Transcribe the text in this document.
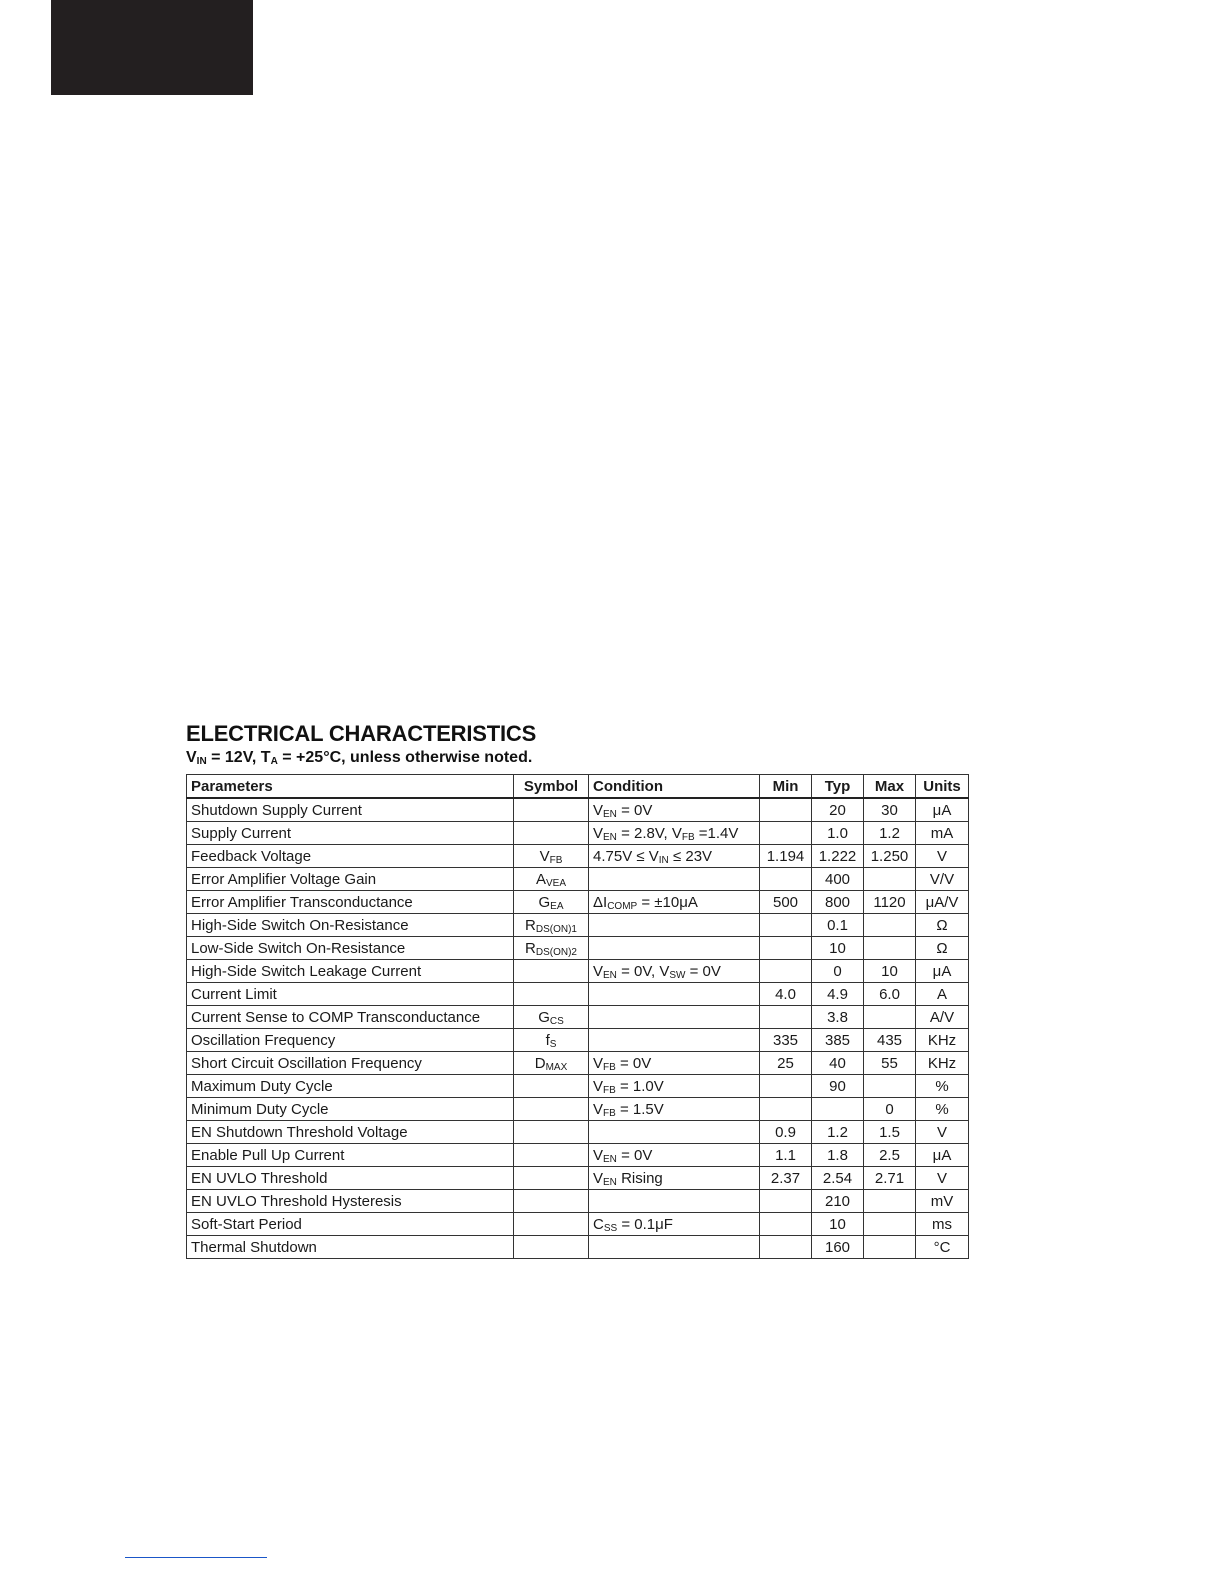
ELECTRICAL CHARACTERISTICS

$V_{IN} = 12V$, $T_A = +25^\circ C$, unless otherwise noted.

Parameters	Symbol	Condition	Min	Typ	Max	Units
Shutdown Supply Current		$V_{EN} = 0V$		20	30	μA
Supply Current		$V_{EN} = 2.8V$, $V_{FB} =1.4V$		1.0	1.2	mA
Feedback Voltage	$V_{FB}$	$4.75V \le V_{IN} \le 23V$	1.194	1.222	1.250	V
Error Amplifier Voltage Gain	$A_{VEA}$			400		V/V
Error Amplifier Transconductance	$G_{EA}$	$\Delta I_{COMP} = \pm 10\mu A$	500	800	1120	μA/V
High-Side Switch On-Resistance	$R_{DS(ON)1}$			0.1		Ω
Low-Side Switch On-Resistance	$R_{DS(ON)2}$			10		Ω
High-Side Switch Leakage Current		$V_{EN} = 0V$, $V_{SW} = 0V$		0	10	μA
Current Limit			4.0	4.9	6.0	A
Current Sense to COMP Transconductance	$G_{CS}$			3.8		A/V
Oscillation Frequency	$f_S$		335	385	435	KHz
Short Circuit Oscillation Frequency	$D_{MAX}$	$V_{FB} = 0V$	25	40	55	KHz
Maximum Duty Cycle		$V_{FB} = 1.0V$		90		%
Minimum Duty Cycle		$V_{FB} = 1.5V$			0	%
EN Shutdown Threshold Voltage			0.9	1.2	1.5	V
Enable Pull Up Current		$V_{EN} = 0V$	1.1	1.8	2.5	μA
EN UVLO Threshold		$V_{EN}$ Rising	2.37	2.54	2.71	V
EN UVLO Threshold Hysteresis				210		mV
Soft-Start Period		$C_{SS} = 0.1\mu F$		10		ms
Thermal Shutdown				160		°C
